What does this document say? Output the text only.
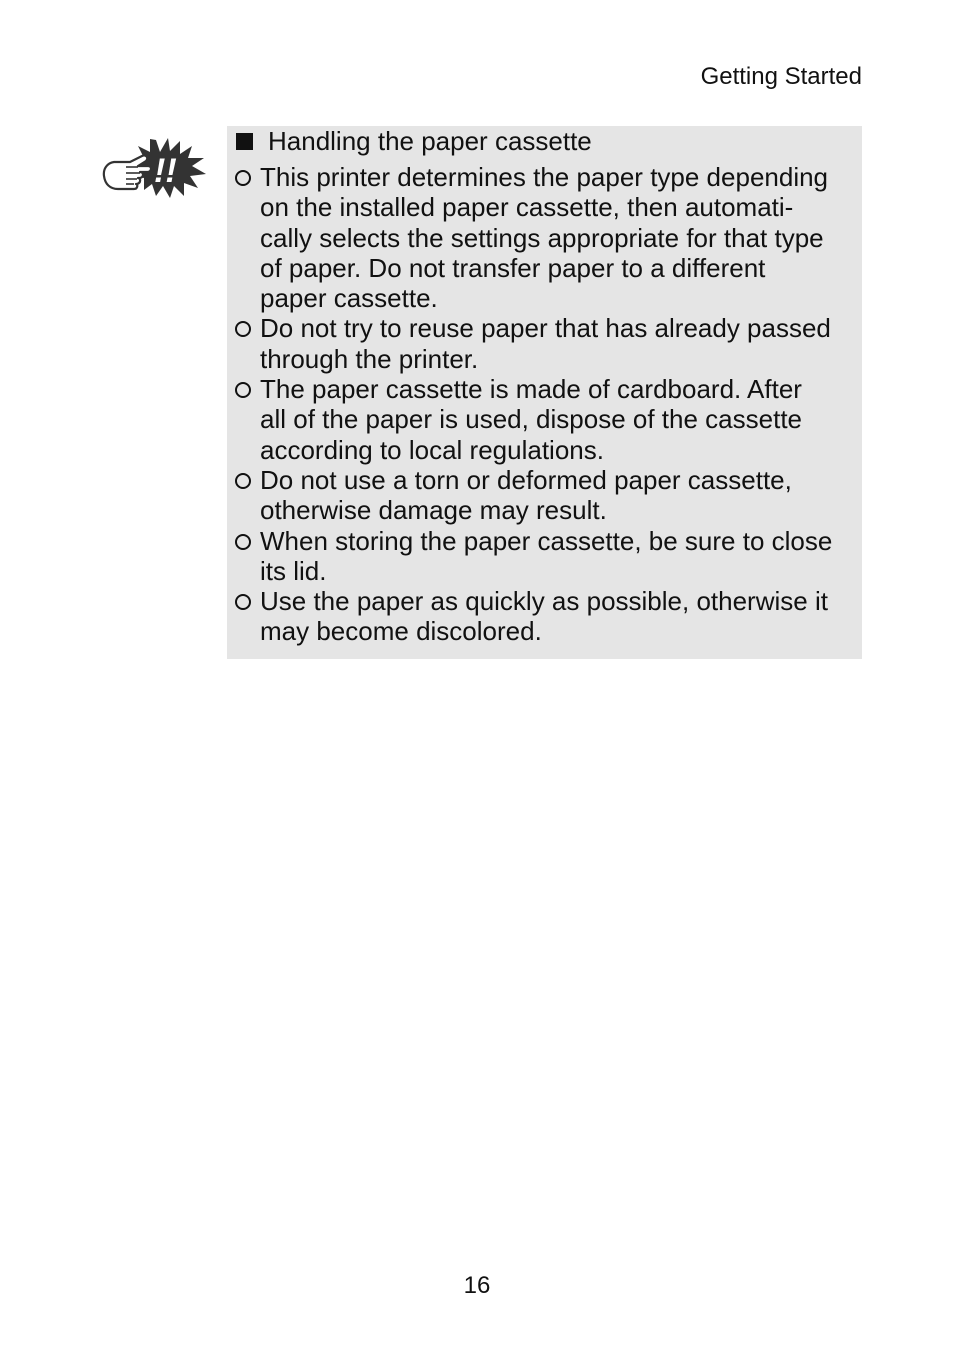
Getting Started
!!
Handling the paper cassette
This printer determines the paper type depending
on the installed paper cassette, then automati-
cally selects the settings appropriate for that type
of paper. Do not transfer paper to a different
paper cassette.
Do not try to reuse paper that has already passed
through the printer.
The paper cassette is made of cardboard. After
all of the paper is used, dispose of the cassette
according to local regulations.
Do not use a torn or deformed paper cassette,
otherwise damage may result.
When storing the paper cassette, be sure to close
its lid.
Use the paper as quickly as possible, otherwise it
may become discolored.
16
